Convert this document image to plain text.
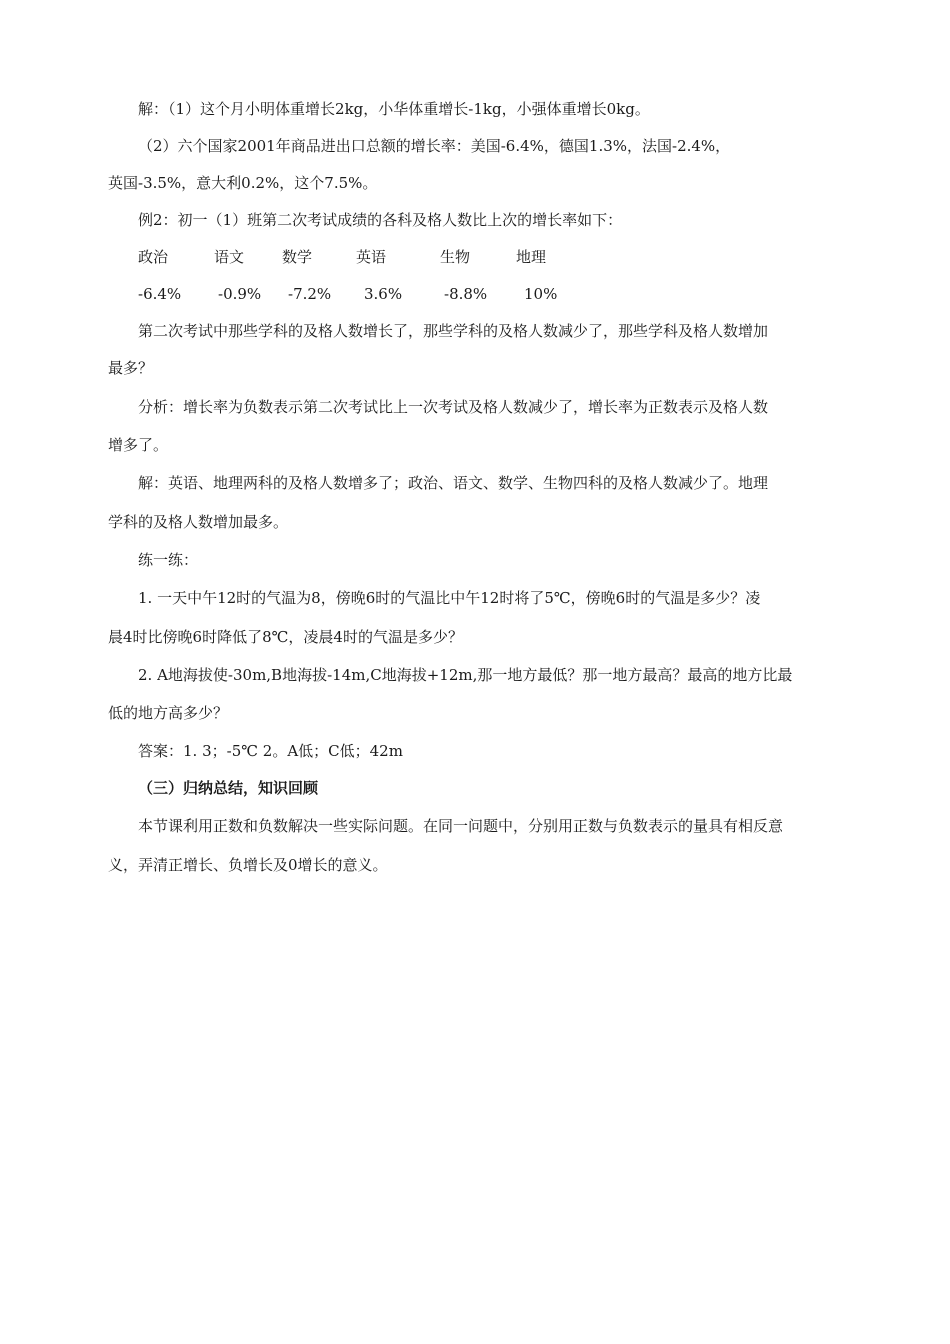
解：（1）这个月小明体重增长2kg，小华体重增长-1kg，小强体重增长0kg。
（2）六个国家2001年商品进出口总额的增长率：美国-6.4%，德国1.3%，法国-2.4%，
英国-3.5%，意大利0.2%，这个7.5%。
例2：初一（1）班第二次考试成绩的各科及格人数比上次的增长率如下：
政治	语文	数学	英语	生物	地理
-6.4% -0.9% -7.2% 3.6%	-8.8% 10%
第二次考试中那些学科的及格人数增长了，那些学科的及格人数减少了，那些学科及格人数增加
最多？
分析：增长率为负数表示第二次考试比上一次考试及格人数减少了，增长率为正数表示及格人数
增多了。
解：英语、地理两科的及格人数增多了；政治、语文、数学、生物四科的及格人数减少了。地理
学科的及格人数增加最多。
练一练：
1. 一天中午12时的气温为8，傍晚6时的气温比中午12时将了5℃，傍晚6时的气温是多少？凌
晨4时比傍晚6时降低了8℃，凌晨4时的气温是多少？
2. A地海拔使-30m,B地海拔-14m,C地海拔+12m,那一地方最低？那一地方最高？最高的地方比最
低的地方高多少？
答案：1. 3；-5℃ 2。A低；C低；42m
（三）归纳总结，知识回顾
本节课利用正数和负数解决一些实际问题。在同一问题中，分别用正数与负数表示的量具有相反意
义，弄清正增长、负增长及0增长的意义。
